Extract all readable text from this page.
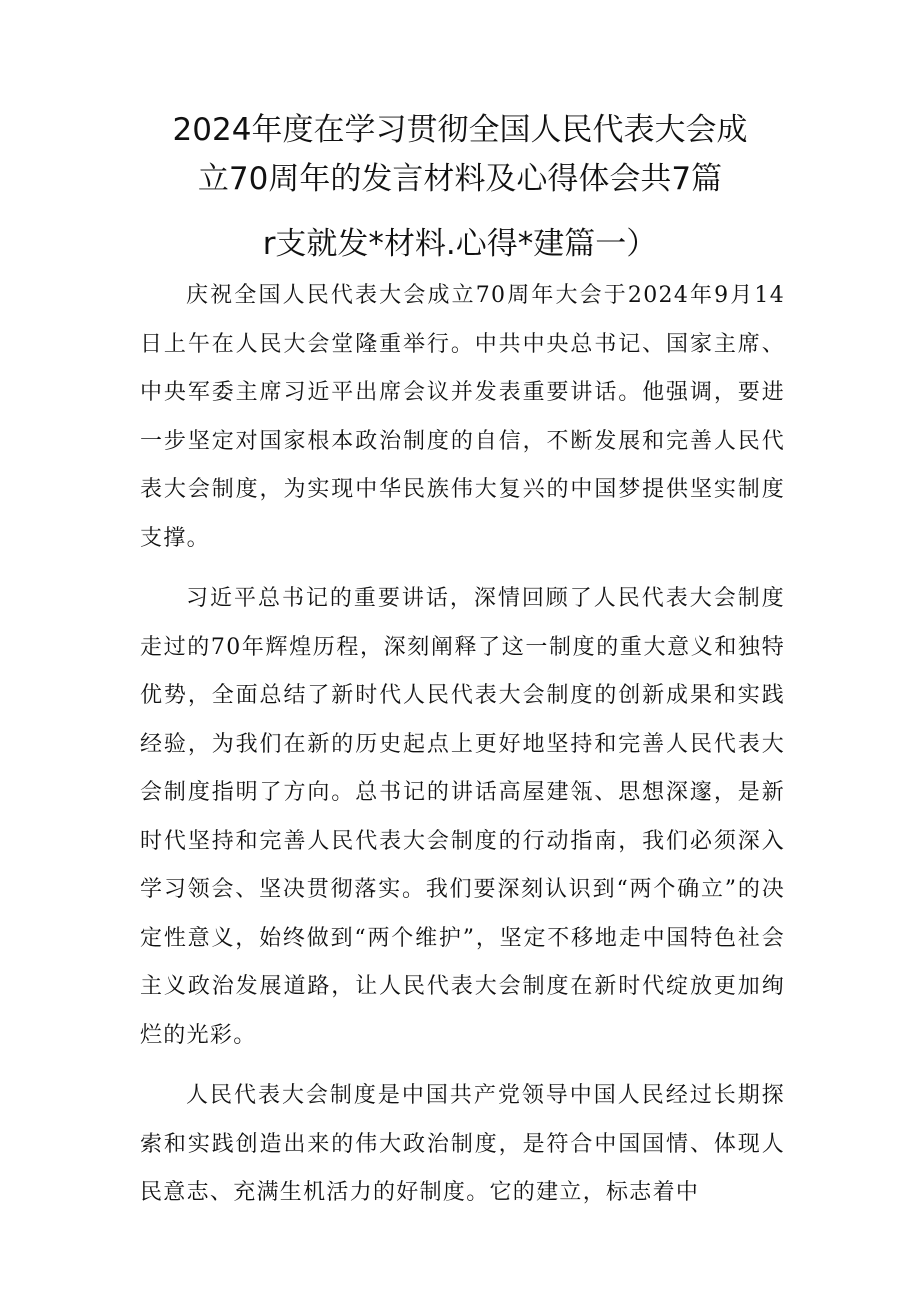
2024年度在学习贯彻全国人民代表大会成
立70周年的发言材料及心得体会共7篇
r支就发*材料.心得*建篇一）

庆祝全国人民代表大会成立70周年大会于2024年9月14日上午在人民大会堂隆重举行。中共中央总书记、国家主席、中央军委主席习近平出席会议并发表重要讲话。他强调，要进一步坚定对国家根本政治制度的自信，不断发展和完善人民代表大会制度，为实现中华民族伟大复兴的中国梦提供坚实制度支撑。

习近平总书记的重要讲话，深情回顾了人民代表大会制度走过的70年辉煌历程，深刻阐释了这一制度的重大意义和独特优势，全面总结了新时代人民代表大会制度的创新成果和实践经验，为我们在新的历史起点上更好地坚持和完善人民代表大会制度指明了方向。总书记的讲话高屋建瓴、思想深邃，是新时代坚持和完善人民代表大会制度的行动指南，我们必须深入学习领会、坚决贯彻落实。我们要深刻认识到“两个确立”的决定性意义，始终做到“两个维护”，坚定不移地走中国特色社会主义政治发展道路，让人民代表大会制度在新时代绽放更加绚烂的光彩。

人民代表大会制度是中国共产党领导中国人民经过长期探索和实践创造出来的伟大政治制度，是符合中国国情、体现人民意志、充满生机活力的好制度。它的建立，标志着中
